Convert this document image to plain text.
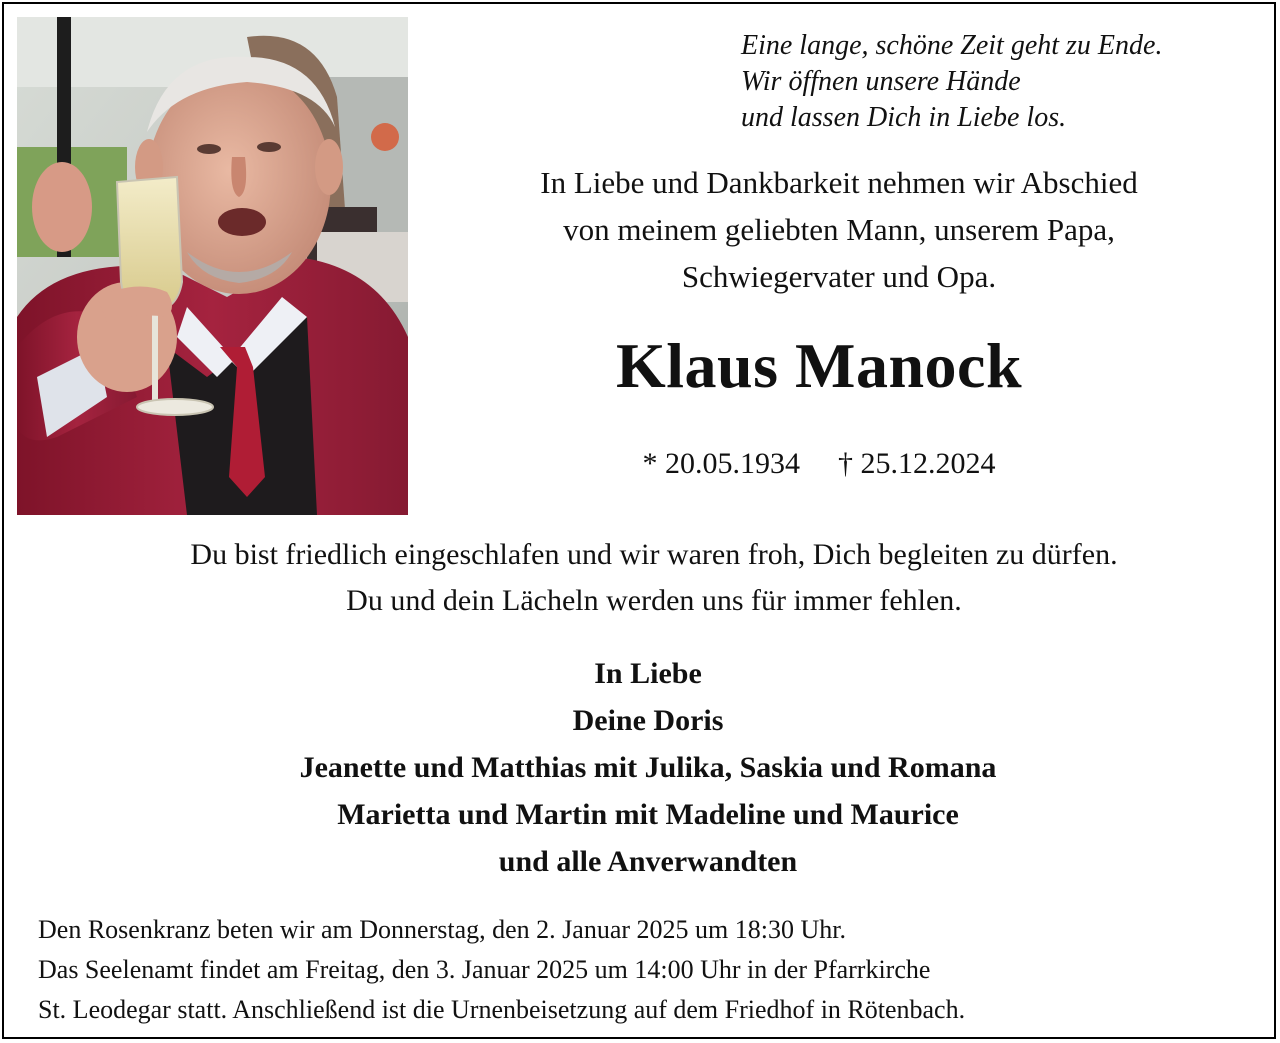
Eine lange, schöne Zeit geht zu Ende.
Wir öffnen unsere Hände
und lassen Dich in Liebe los.
In Liebe und Dankbarkeit nehmen wir Abschied
von meinem geliebten Mann, unserem Papa,
Schwiegervater und Opa.
Klaus Manock
* 20.05.1934 † 25.12.2024
Du bist friedlich eingeschlafen und wir waren froh, Dich begleiten zu dürfen.
Du und dein Lächeln werden uns für immer fehlen.
In Liebe
Deine Doris
Jeanette und Matthias mit Julika, Saskia und Romana
Marietta und Martin mit Madeline und Maurice
und alle Anverwandten
Den Rosenkranz beten wir am Donnerstag, den 2. Januar 2025 um 18:30 Uhr.
Das Seelenamt findet am Freitag, den 3. Januar 2025 um 14:00 Uhr in der Pfarrkirche
St. Leodegar statt. Anschließend ist die Urnenbeisetzung auf dem Friedhof in Rötenbach.
